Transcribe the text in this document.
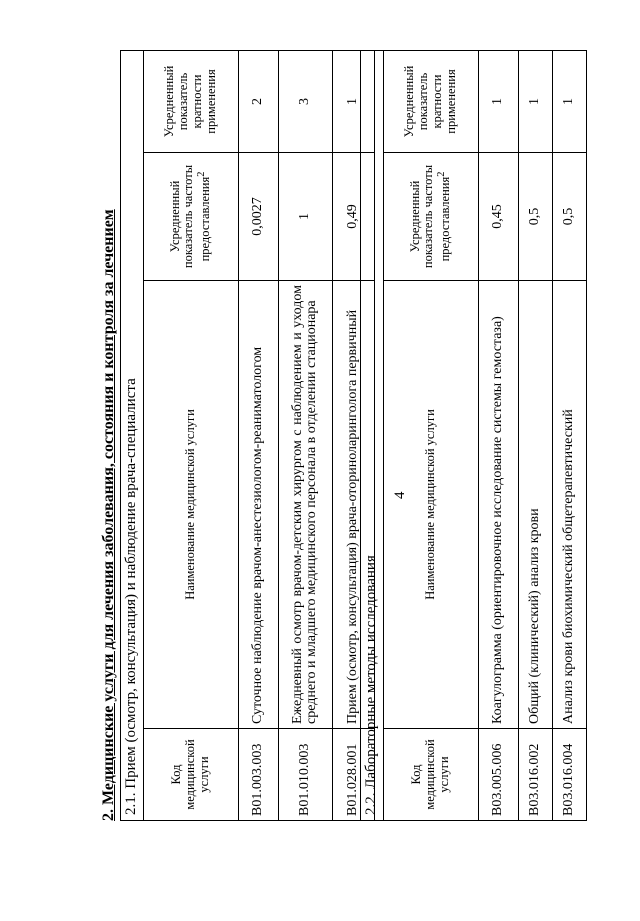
4
2. Медицинские услуги для лечения заболевания, состояния и контроля за лечением 2.1. Прием (осмотр, консультация) и наблюдение врача-специалиста			
Код медицинской услуги	Наименование медицинской услуги	Усредненный показатель частоты предоставления$^2$	Усредненный показатель кратности применения
B01.003.003	Суточное наблюдение врачом-анестезиологом-реаниматологом	0,0027	2
B01.010.003	Ежедневный осмотр врачом-детским хирургом с наблюдением и уходом среднего и младшего медицинского персонала в отделении стационара	1	3
B01.028.001	Прием (осмотр, консультация) врача-оториноларинголога первичный	0,49	1
2.2. Лабораторные методы исследования			
Код медицинской услуги	Наименование медицинской услуги	Усредненный показатель частоты предоставления$^2$	Усредненный показатель кратности применения
B03.005.006	Коагулограмма (ориентировочное исследование системы гемостаза)	0,45	1
B03.016.002	Общий (клинический) анализ крови	0,5	1
B03.016.004	Анализ крови биохимический общетерапевтический	0,5	1
